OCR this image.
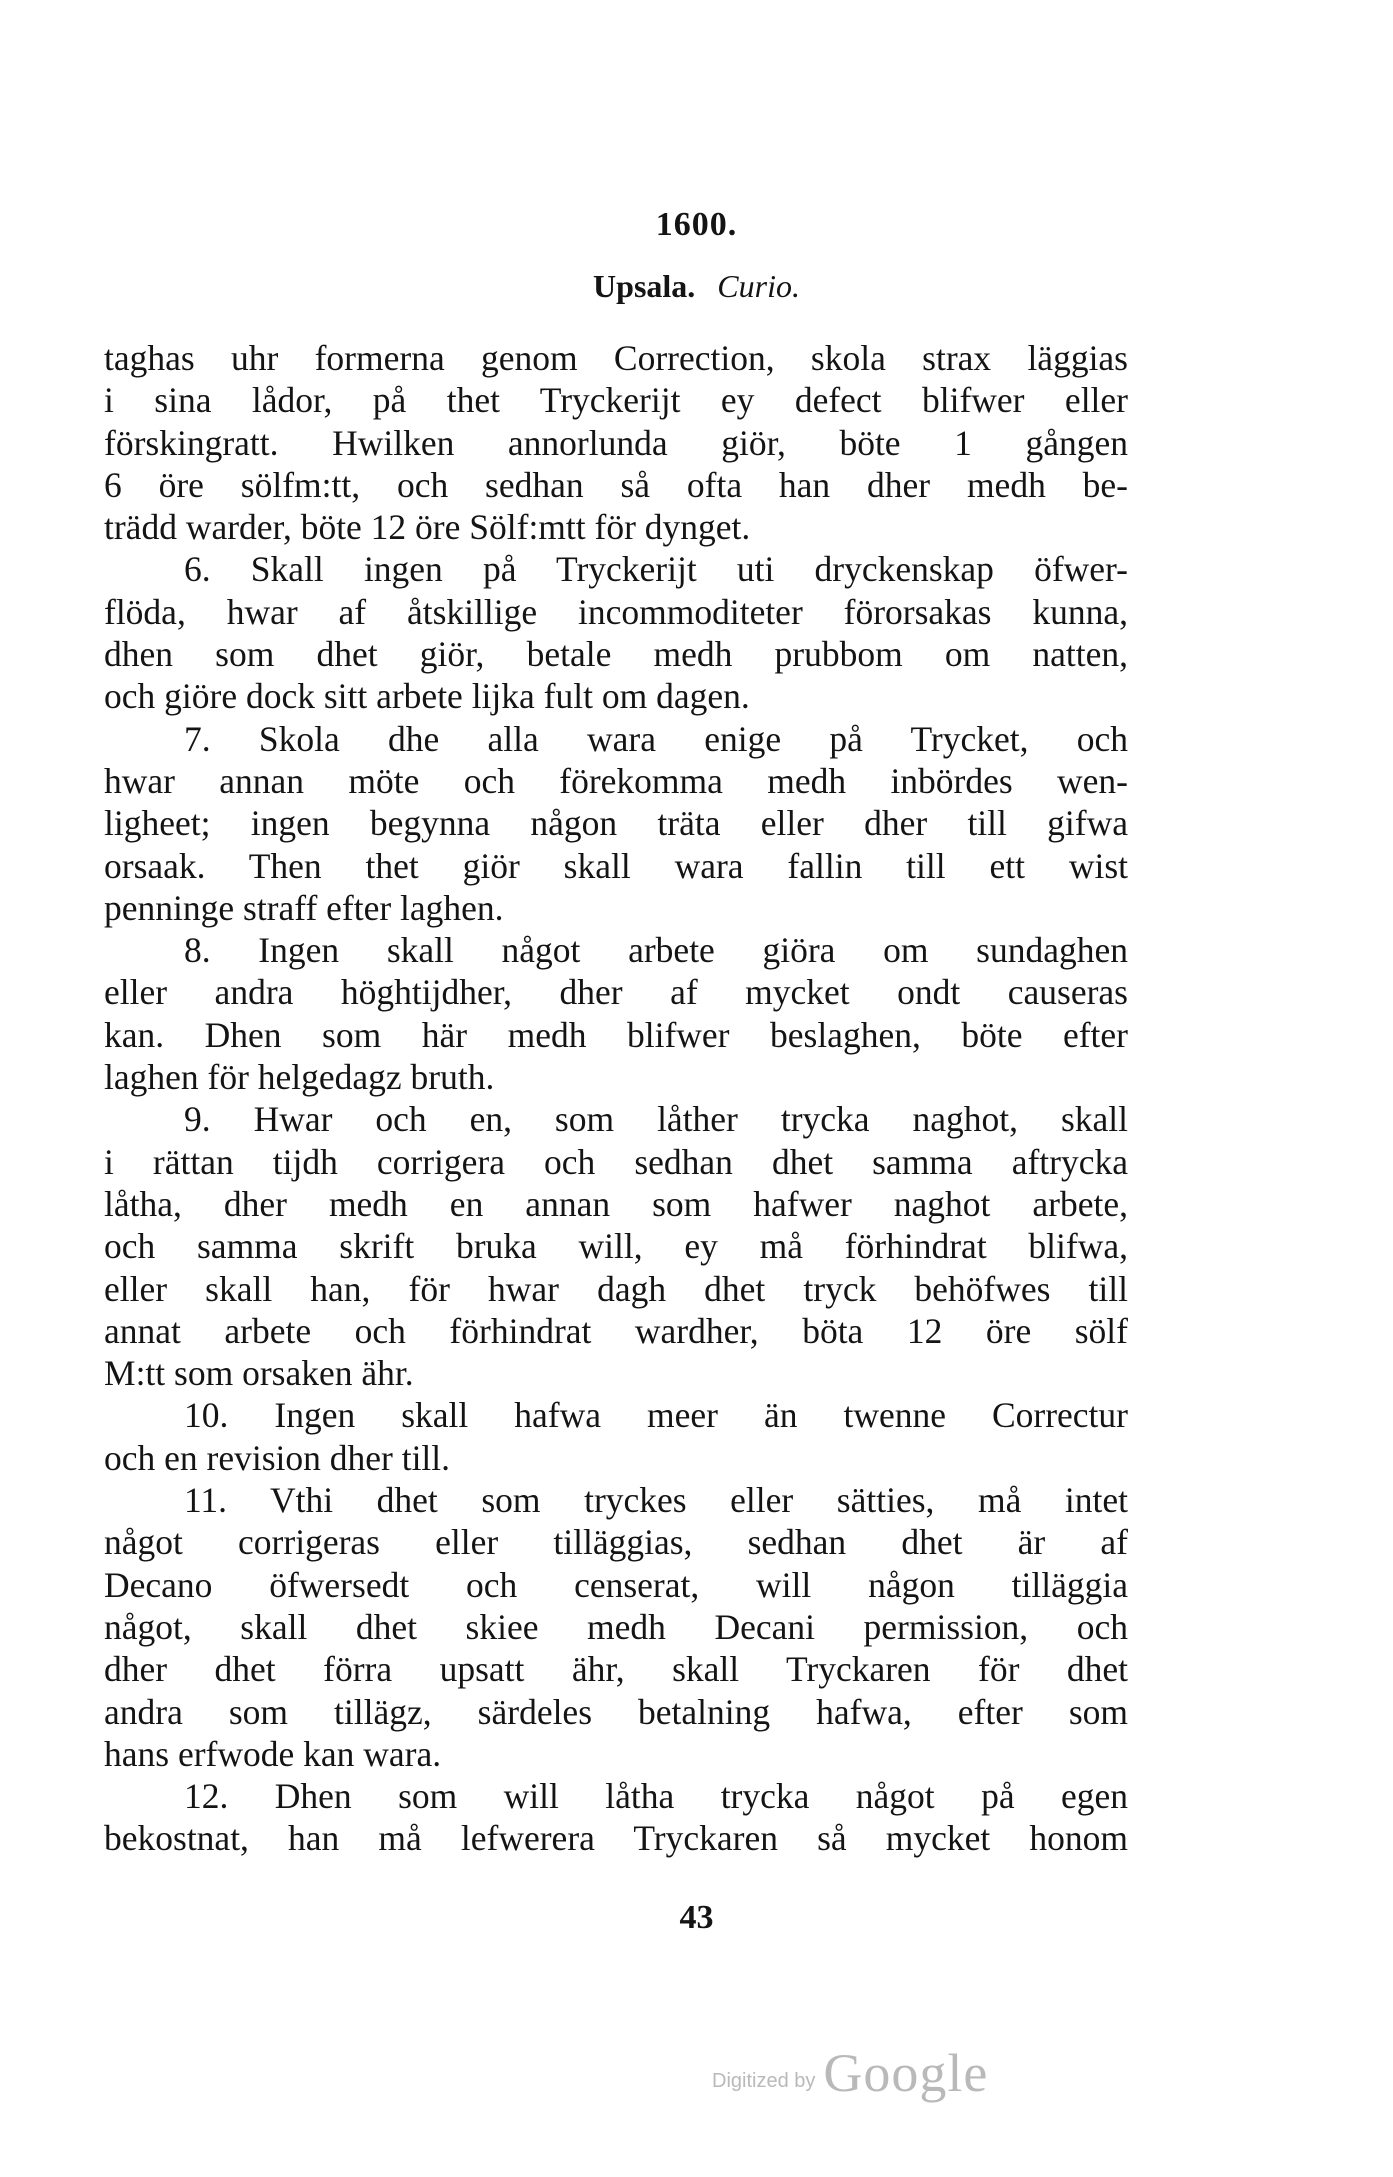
1600.
Upsala. Curio.
taghas uhr formerna genom Correction, skola strax läggias
i sina lådor, på thet Tryckerijt ey defect blifwer eller
förskingratt. Hwilken annorlunda giör, böte 1 gången
6 öre sölfm:tt, och sedhan så ofta han dher medh be-
trädd warder, böte 12 öre Sölf:mtt för dynget.
6. Skall ingen på Tryckerijt uti dryckenskap öfwer-
flöda, hwar af åtskillige incommoditeter förorsakas kunna,
dhen som dhet giör, betale medh prubbom om natten,
och giöre dock sitt arbete lijka fult om dagen.
7. Skola dhe alla wara enige på Trycket, och
hwar annan möte och förekomma medh inbördes wen-
ligheet; ingen begynna någon träta eller dher till gifwa
orsaak. Then thet giör skall wara fallin till ett wist
penninge straff efter laghen.
8. Ingen skall något arbete giöra om sundaghen
eller andra höghtijdher, dher af mycket ondt causeras
kan. Dhen som här medh blifwer beslaghen, böte efter
laghen för helgedagz bruth.
9. Hwar och en, som låther trycka naghot, skall
i rättan tijdh corrigera och sedhan dhet samma aftrycka
låtha, dher medh en annan som hafwer naghot arbete,
och samma skrift bruka will, ey må förhindrat blifwa,
eller skall han, för hwar dagh dhet tryck behöfwes till
annat arbete och förhindrat wardher, böta 12 öre sölf
M:tt som orsaken ähr.
10. Ingen skall hafwa meer än twenne Correctur
och en revision dher till.
11. Vthi dhet som tryckes eller sätties, må intet
något corrigeras eller tilläggias, sedhan dhet är af
Decano öfwersedt och censerat, will någon tilläggia
något, skall dhet skiee medh Decani permission, och
dher dhet förra upsatt ähr, skall Tryckaren för dhet
andra som tillägz, särdeles betalning hafwa, efter som
hans erfwode kan wara.
12. Dhen som will låtha trycka något på egen
bekostnat, han må lefwerera Tryckaren så mycket honom
43
Digitized by Google
